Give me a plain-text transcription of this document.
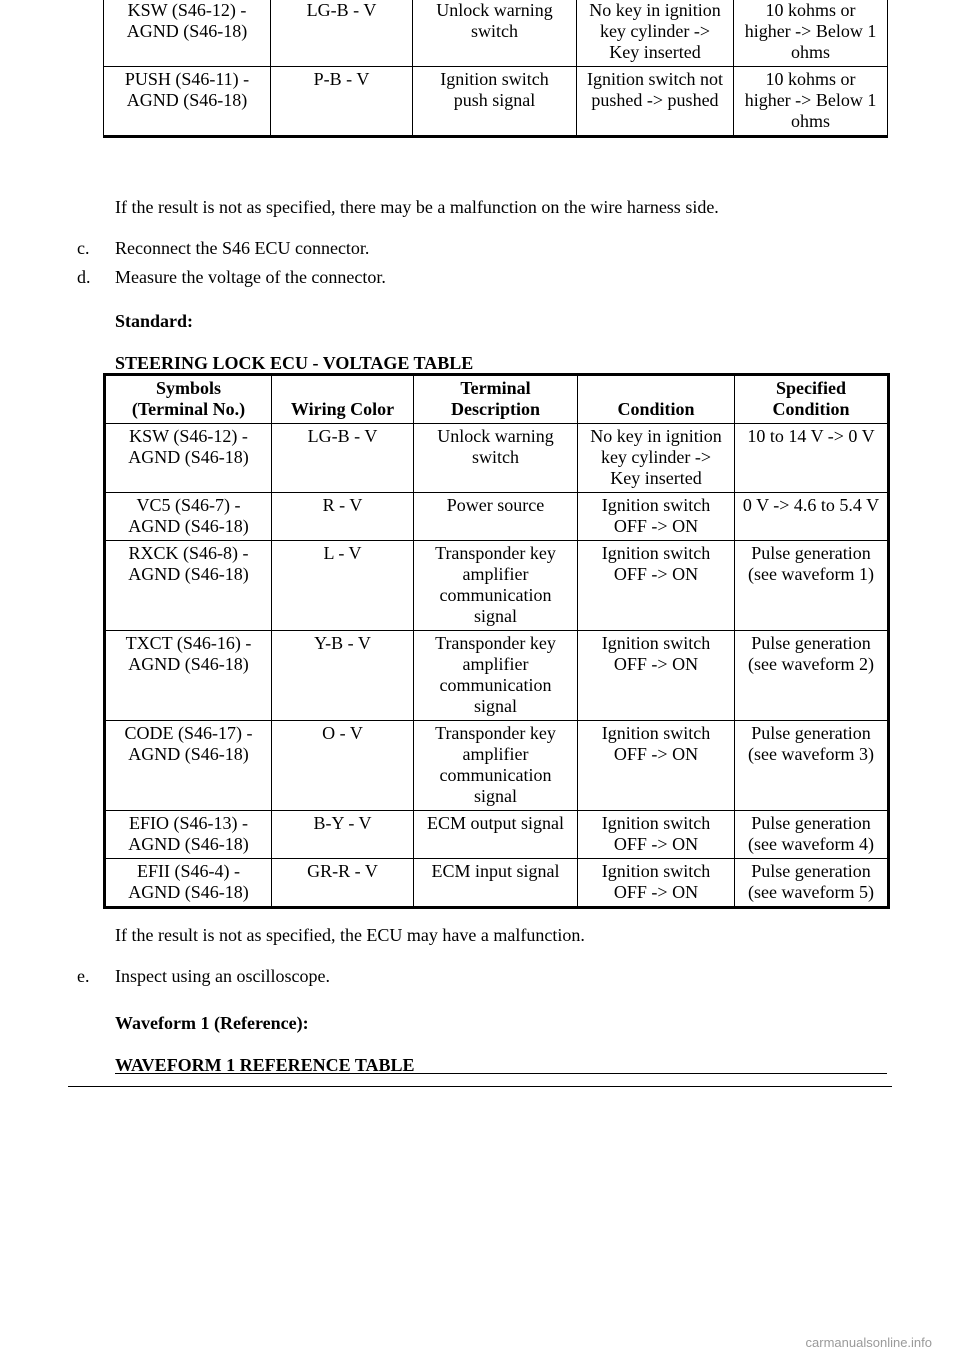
KSW (S46-12) -
AGND (S46-18)	LG-B - V	Unlock warning
switch	No key in ignition
key cylinder ->
Key inserted	10 kohms or
higher -> Below 1
ohms
PUSH (S46-11) -
AGND (S46-18)	P-B - V	Ignition switch
push signal	Ignition switch not
pushed -> pushed	10 kohms or
higher -> Below 1
ohms

If the result is not as specified, there may be a malfunction on the wire harness side.

c. Reconnect the S46 ECU connector.
d. Measure the voltage of the connector.

Standard:

STEERING LOCK ECU - VOLTAGE TABLE

Symbols
(Terminal No.)	Wiring Color	Terminal
Description	Condition	Specified
Condition
KSW (S46-12) -
AGND (S46-18)	LG-B - V	Unlock warning
switch	No key in ignition
key cylinder ->
Key inserted	10 to 14 V -> 0 V
VC5 (S46-7) -
AGND (S46-18)	R - V	Power source	Ignition switch
OFF -> ON	0 V -> 4.6 to 5.4 V
RXCK (S46-8) -
AGND (S46-18)	L - V	Transponder key
amplifier
communication
signal	Ignition switch
OFF -> ON	Pulse generation
(see waveform 1)
TXCT (S46-16) -
AGND (S46-18)	Y-B - V	Transponder key
amplifier
communication
signal	Ignition switch
OFF -> ON	Pulse generation
(see waveform 2)
CODE (S46-17) -
AGND (S46-18)	O - V	Transponder key
amplifier
communication
signal	Ignition switch
OFF -> ON	Pulse generation
(see waveform 3)
EFIO (S46-13) -
AGND (S46-18)	B-Y - V	ECM output signal	Ignition switch
OFF -> ON	Pulse generation
(see waveform 4)
EFII (S46-4) -
AGND (S46-18)	GR-R - V	ECM input signal	Ignition switch
OFF -> ON	Pulse generation
(see waveform 5)

If the result is not as specified, the ECU may have a malfunction.

e. Inspect using an oscilloscope.

Waveform 1 (Reference):

WAVEFORM 1 REFERENCE TABLE

carmanualsonline.info
